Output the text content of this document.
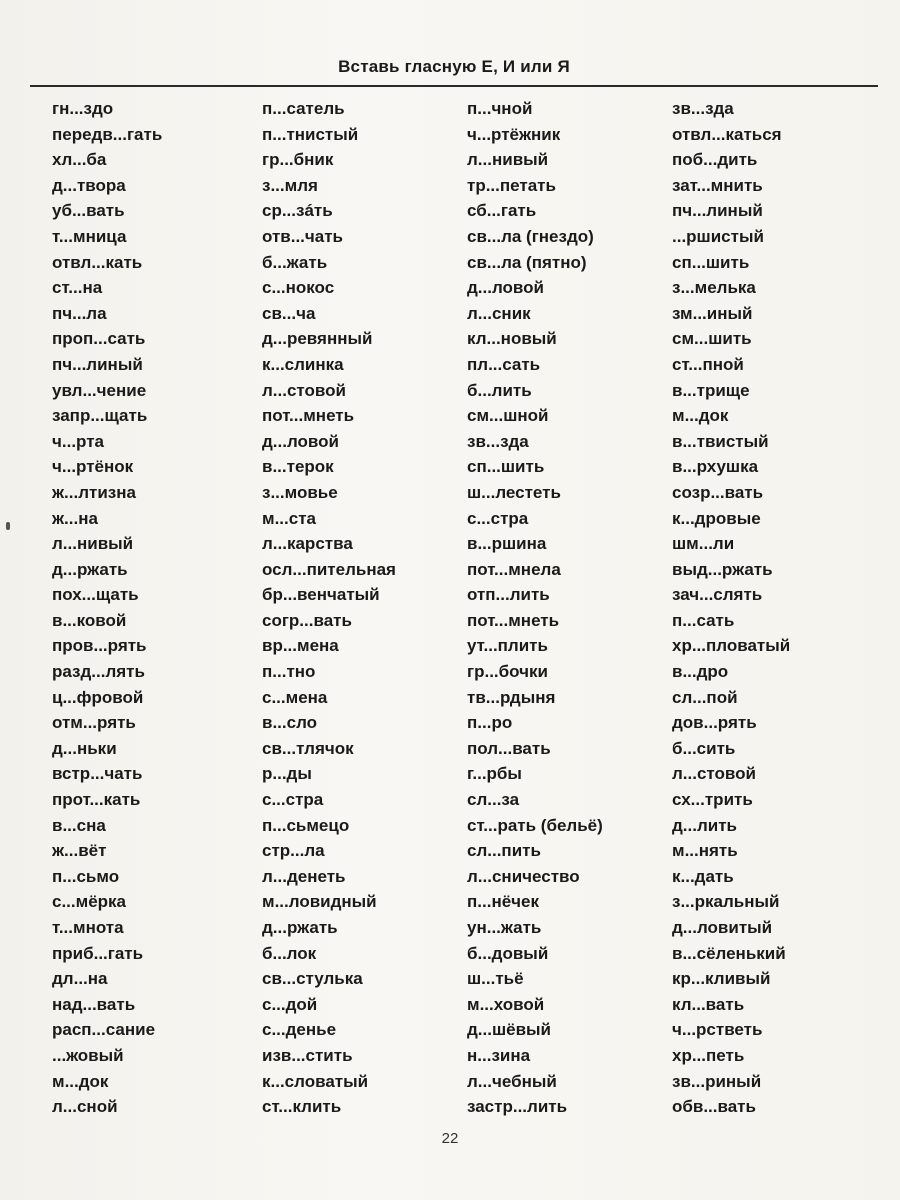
Вставь гласную Е, И или Я
гн...здо
передв...гать
хл...ба
д...твора
уб...вать
т...мница
отвл...кать
ст...на
пч...ла
проп...сать
пч...линый
увл...чение
запр...щать
ч...рта
ч...ртёнок
ж...лтизна
ж...на
л...нивый
д...ржать
пох...щать
в...ковой
пров...рять
разд...лять
ц...фровой
отм...рять
д...ньки
встр...чать
прот...кать
в...сна
ж...вёт
п...сьмо
с...мёрка
т...мнота
приб...гать
дл...на
над...вать
расп...сание
...жовый
м...док
л...сной
п...сатель
п...тнистый
гр...бник
з...мля
ср...зáть
отв...чать
б...жать
с...нокос
св...ча
д...ревянный
к...слинка
л...стовой
пот...мнеть
д...ловой
в...терок
з...мовье
м...ста
л...карства
осл...пительная
бр...венчатый
согр...вать
вр...мена
п...тно
с...мена
в...сло
св...тлячок
р...ды
с...стра
п...сьмецо
стр...ла
л...денеть
м...ловидный
д...ржать
б...лок
св...стулька
с...дой
с...денье
изв...стить
к...словатый
ст...клить
п...чной
ч...ртёжник
л...нивый
тр...петать
сб...гать
св...ла (гнездо)
св...ла (пятно)
д...ловой
л...сник
кл...новый
пл...сать
б...лить
см...шной
зв...зда
сп...шить
ш...лестеть
с...стра
в...ршина
пот...мнела
отп...лить
пот...мнеть
ут...плить
гр...бочки
тв...рдыня
п...ро
пол...вать
г...рбы
сл...за
ст...рать (бельё)
сл...пить
л...сничество
п...нёчек
ун...жать
б...довый
ш...тьё
м...ховой
д...шёвый
н...зина
л...чебный
застр...лить
зв...зда
отвл...каться
поб...дить
зат...мнить
пч...линый
...ршистый
сп...шить
з...мелька
зм...иный
см...шить
ст...пной
в...трище
м...док
в...твистый
в...рхушка
созр...вать
к...дровые
шм...ли
выд...ржать
зач...слять
п...сать
хр...пловатый
в...дро
сл...пой
дов...рять
б...сить
л...стовой
сх...трить
д...лить
м...нять
к...дать
з...ркальный
д...ловитый
в...сёленький
кр...кливый
кл...вать
ч...рстветь
хр...петь
зв...риный
обв...вать
22
